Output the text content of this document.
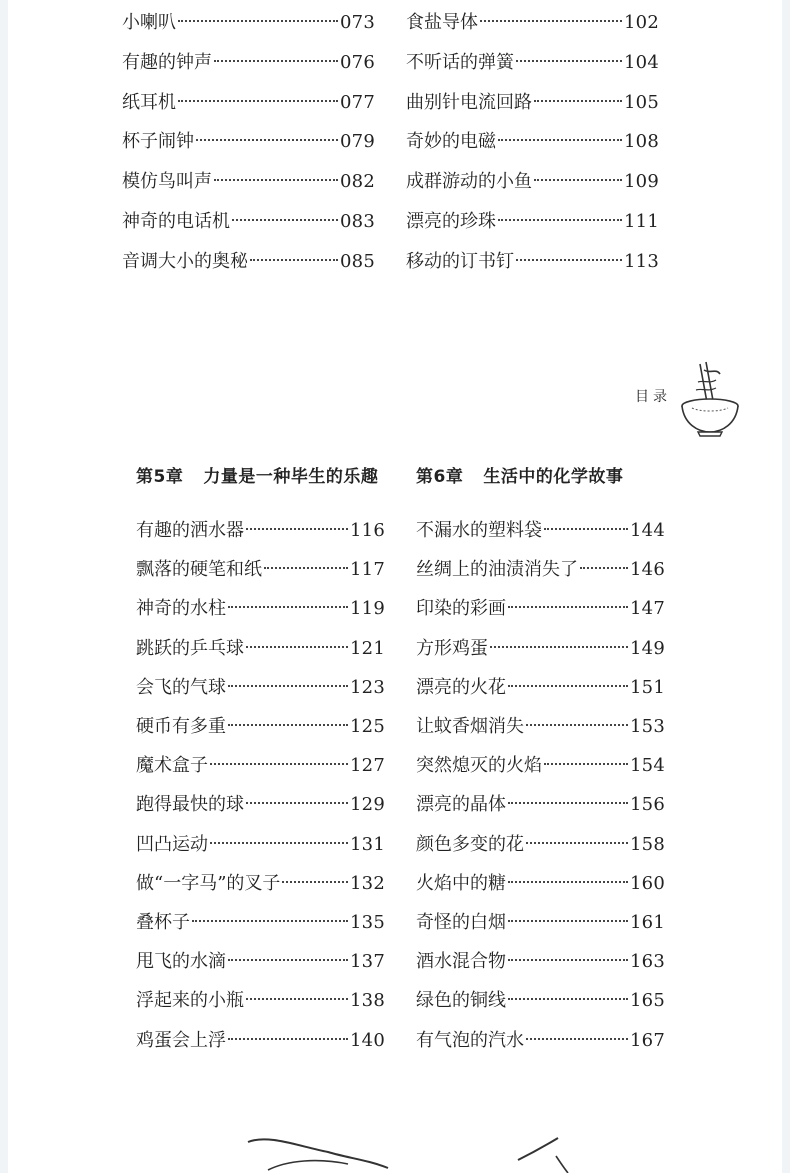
小喇叭	073
有趣的钟声	076
纸耳机	077
杯子闹钟	079
模仿鸟叫声	082
神奇的电话机	083
音调大小的奥秘	085
食盐导体	102
不听话的弹簧	104
曲别针电流回路	105
奇妙的电磁	108
成群游动的小鱼	109
漂亮的珍珠	111
移动的订书钉	113
目录
第5章 力量是一种毕生的乐趣 第6章 生活中的化学故事
有趣的洒水器	116
飘落的硬笔和纸	117
神奇的水柱	119
跳跃的乒乓球	121
会飞的气球	123
硬币有多重	125
魔术盒子	127
跑得最快的球	129
凹凸运动	131
做“一字马”的叉子	132
叠杯子	135
甩飞的水滴	137
浮起来的小瓶	138
鸡蛋会上浮	140
不漏水的塑料袋	144
丝绸上的油渍消失了	146
印染的彩画	147
方形鸡蛋	149
漂亮的火花	151
让蚊香烟消失	153
突然熄灭的火焰	154
漂亮的晶体	156
颜色多变的花	158
火焰中的糖	160
奇怪的白烟	161
酒水混合物	163
绿色的铜线	165
有气泡的汽水	167
